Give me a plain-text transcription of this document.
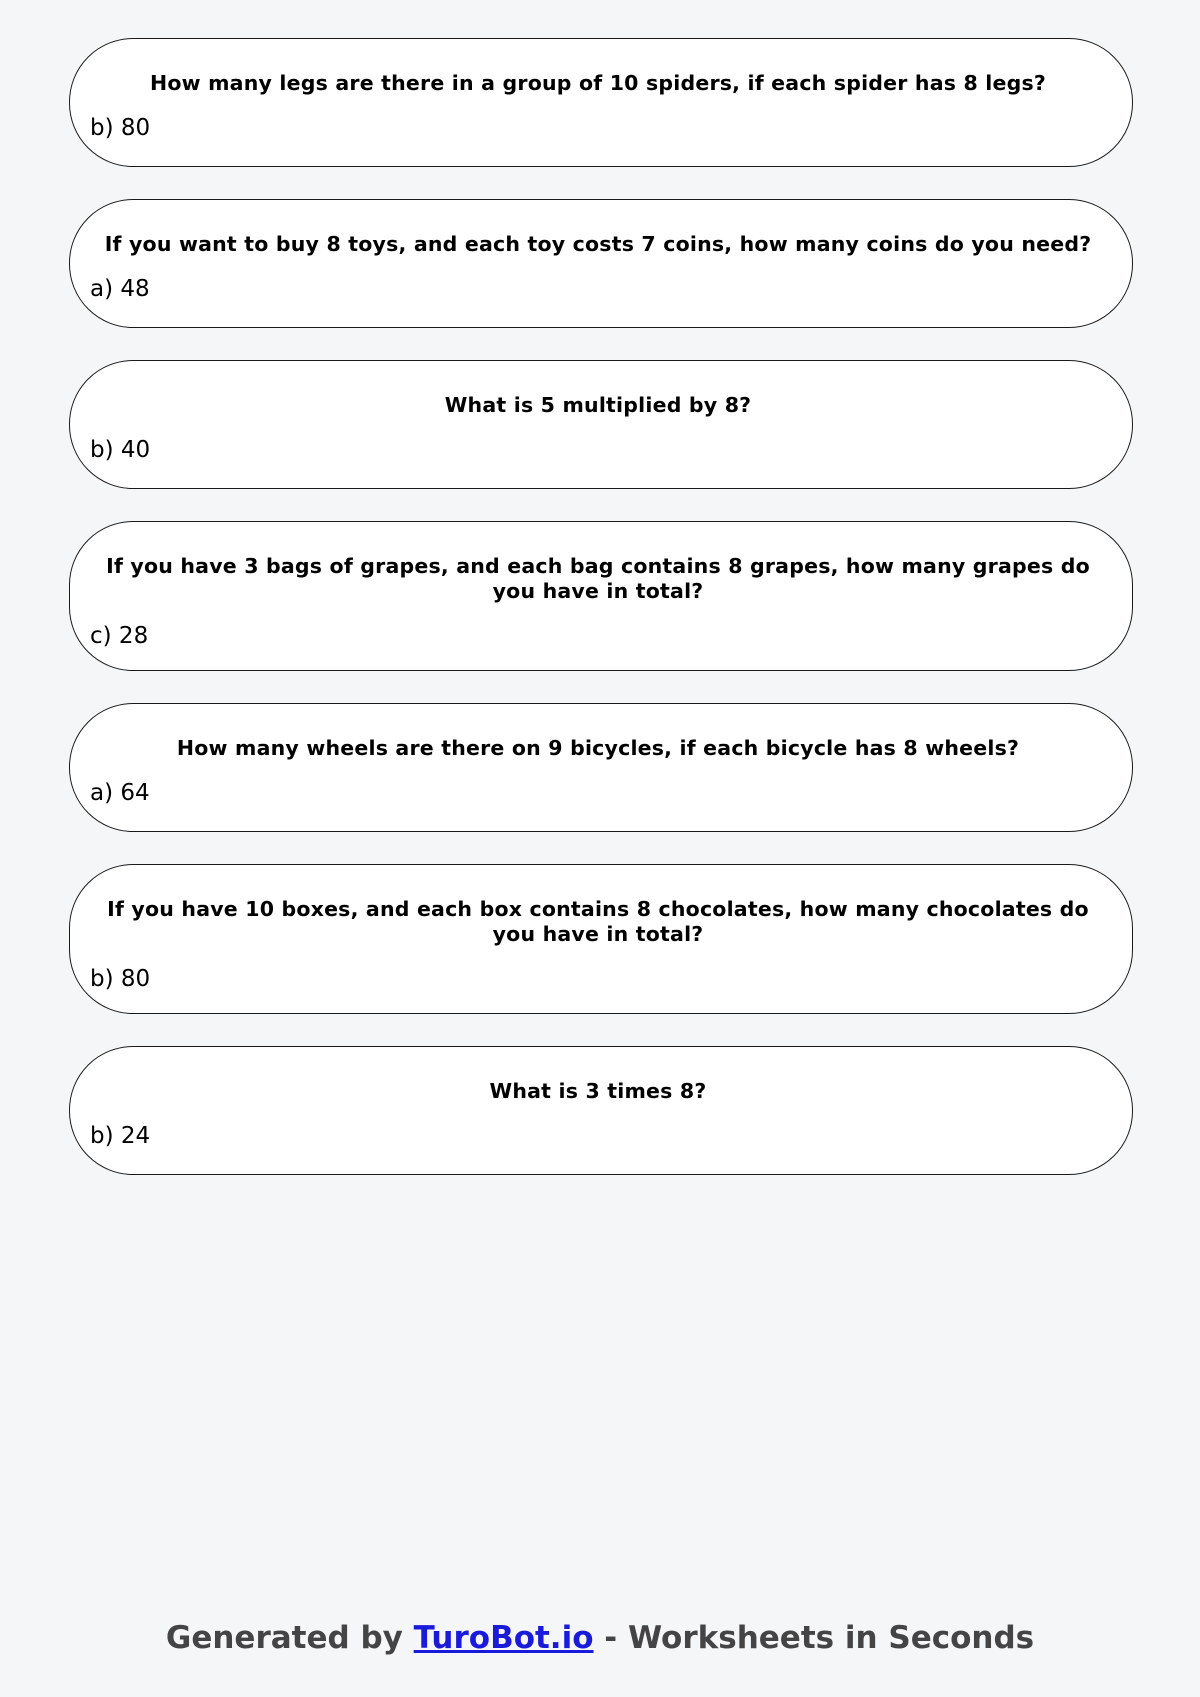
How many legs are there in a group of 10 spiders, if each spider has 8 legs?

b) 80

If you want to buy 8 toys, and each toy costs 7 coins, how many coins do you need?

a) 48

What is 5 multiplied by 8?

b) 40

If you have 3 bags of grapes, and each bag contains 8 grapes, how many grapes do you have in total?

c) 28

How many wheels are there on 9 bicycles, if each bicycle has 8 wheels?

a) 64

If you have 10 boxes, and each box contains 8 chocolates, how many chocolates do you have in total?

b) 80

What is 3 times 8?

b) 24

Generated by TuroBot.io - Worksheets in Seconds
